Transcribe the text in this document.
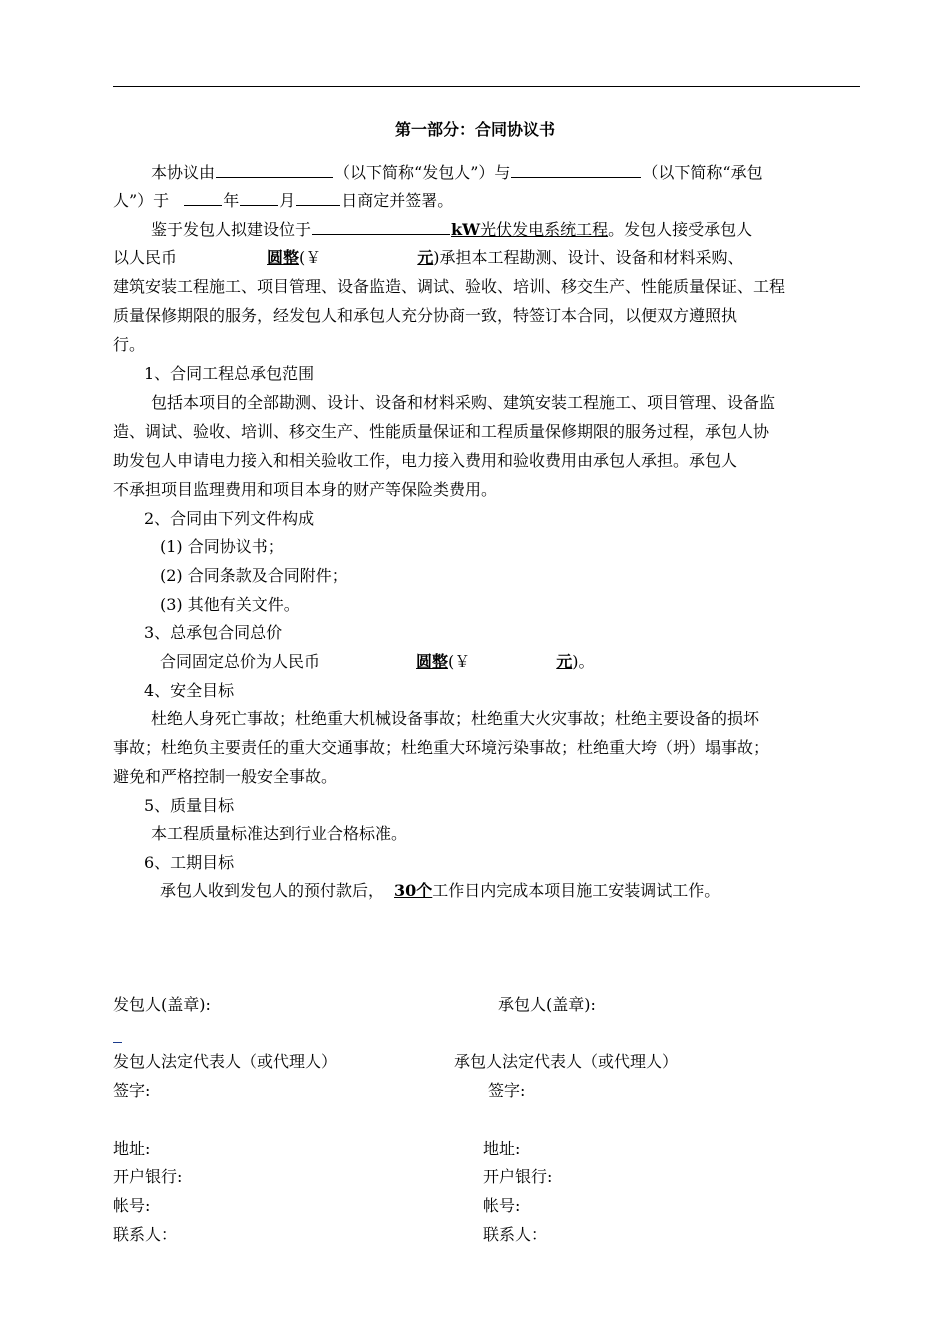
第一部分：合同协议书
本协议由	（以下简称“发包人”）与	（以下简称“承包
人”）于	年	月	日商定并签署。
鉴于发包人拟建设位于	kW光伏发电系统工程。发包人接受承包人
以人民币	圆整(￥	元)承担本工程勘测、设计、设备和材料采购、
建筑安装工程施工、项目管理、设备监造、调试、验收、培训、移交生产、性能质量保证、工程
质量保修期限的服务，经发包人和承包人充分协商一致，特签订本合同，以便双方遵照执
行。
1、合同工程总承包范围
包括本项目的全部勘测、设计、设备和材料采购、建筑安装工程施工、项目管理、设备监
造、调试、验收、培训、移交生产、性能质量保证和工程质量保修期限的服务过程，承包人协
助发包人申请电力接入和相关验收工作，电力接入费用和验收费用由承包人承担。承包人
不承担项目监理费用和项目本身的财产等保险类费用。
2、合同由下列文件构成
(1) 合同协议书；
(2) 合同条款及合同附件；
(3) 其他有关文件。
3、总承包合同总价
合同固定总价为人民币	圆整(￥	元)。
4、安全目标
杜绝人身死亡事故；杜绝重大机械设备事故；杜绝重大火灾事故；杜绝主要设备的损坏
事故；杜绝负主要责任的重大交通事故；杜绝重大环境污染事故；杜绝重大垮（坍）塌事故；
避免和严格控制一般安全事故。
5、质量目标
本工程质量标准达到行业合格标准。
6、工期目标
承包人收到发包人的预付款后， 30个工作日内完成本项目施工安装调试工作。
发包人(盖章):	承包人(盖章):
发包人法定代表人（或代理人）	承包人法定代表人（或代理人）
签字:	签字:
地址:	地址:
开户银行:	开户银行:
帐号:	帐号:
联系人：	联系人：
